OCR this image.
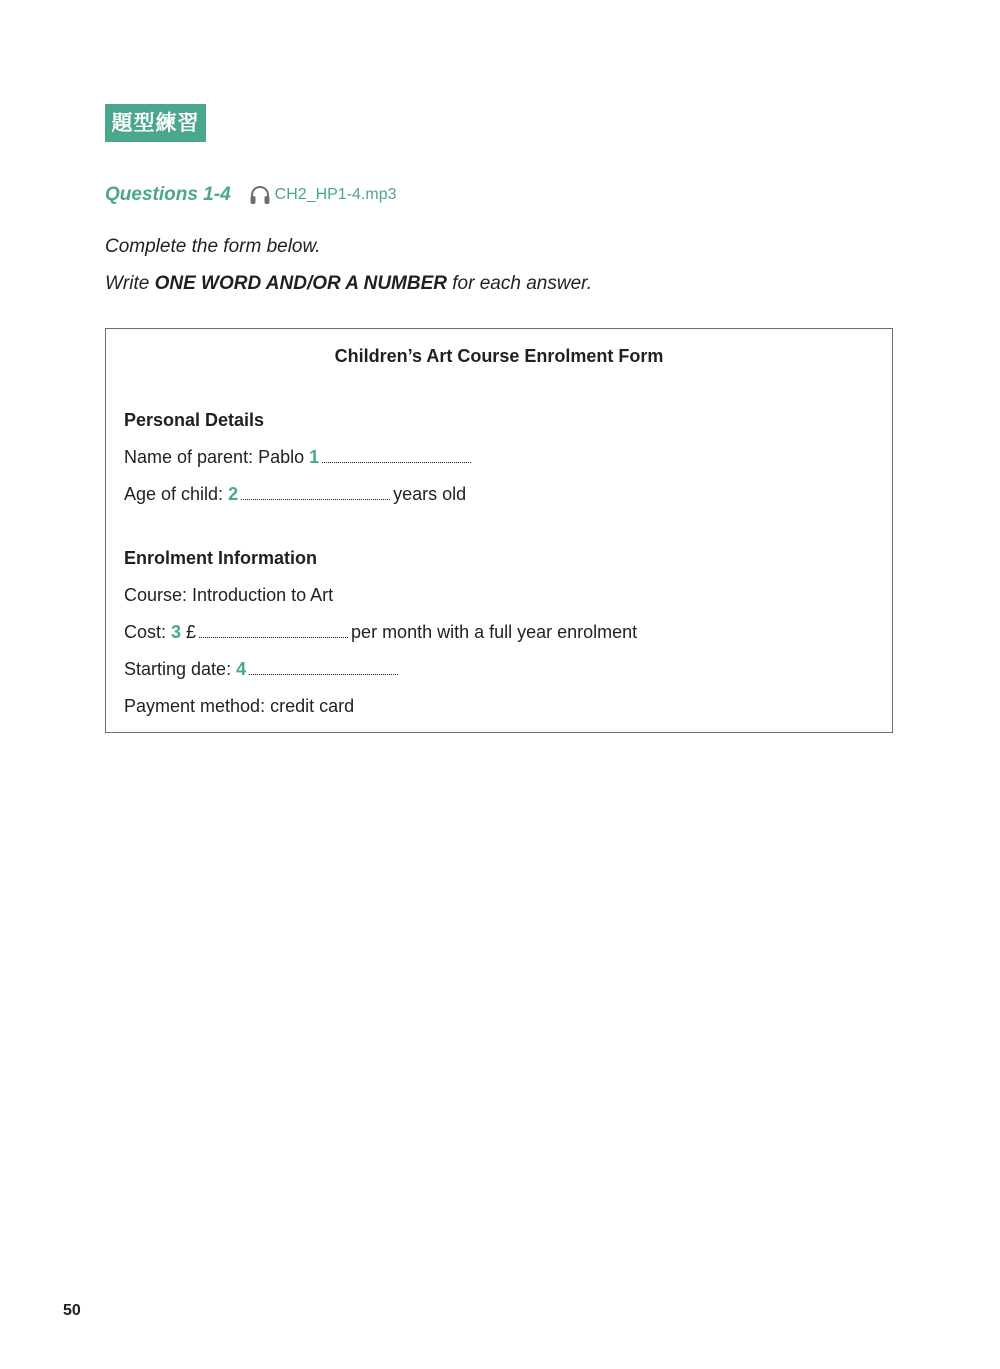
題型練習
Questions 1-4	CH2_HP1-4.mp3
Complete the form below.
Write ONE WORD AND/OR A NUMBER for each answer.
Children’s Art Course Enrolment Form
Personal Details
Name of parent: Pablo 1
Age of child: 2	years old
Enrolment Information
Course: Introduction to Art
Cost: 3 £	per month with a full year enrolment
Starting date: 4
Payment method: credit card
50
